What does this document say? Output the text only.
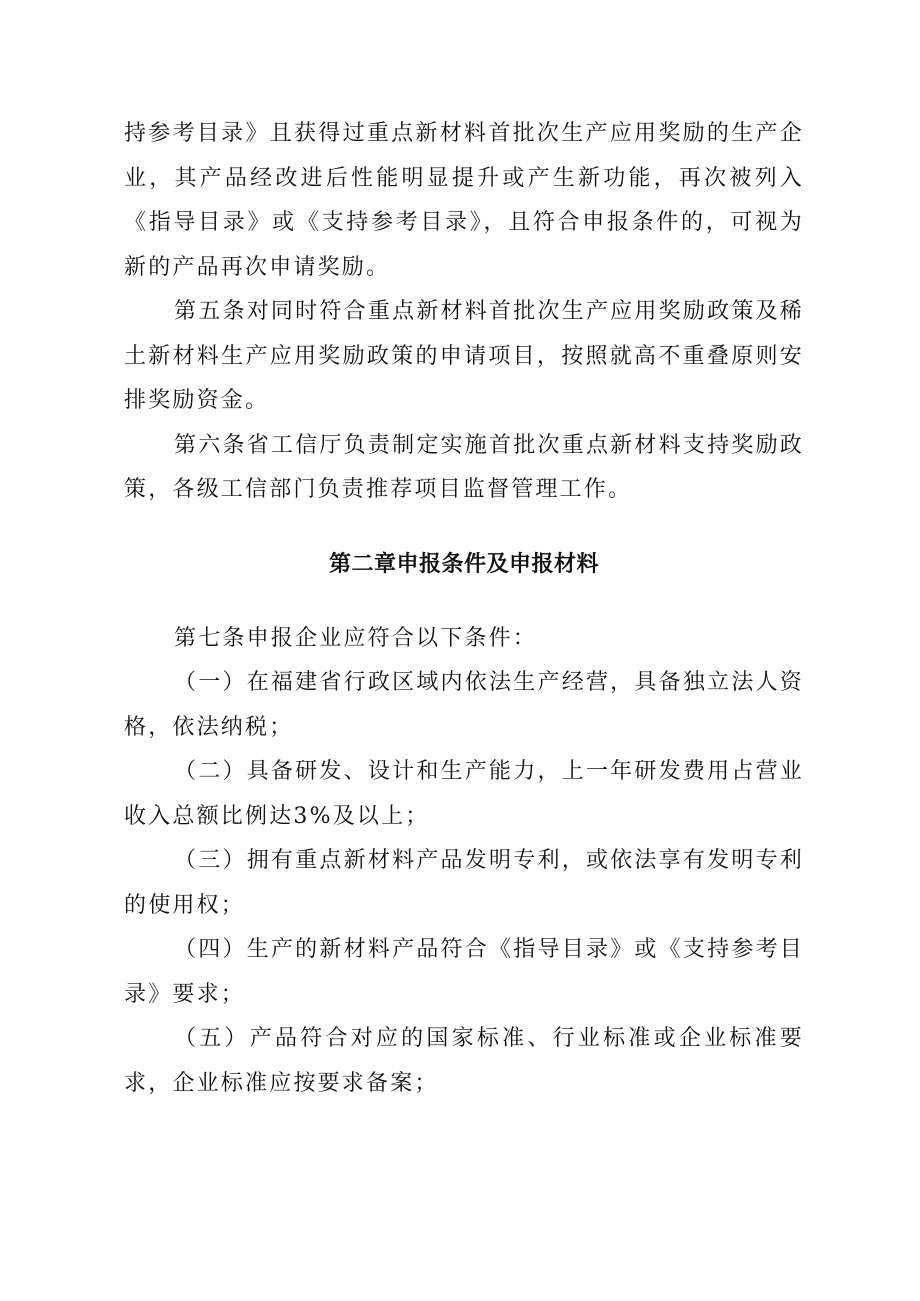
持参考目录》且获得过重点新材料首批次生产应用奖励的生产企业，其产品经改进后性能明显提升或产生新功能，再次被列入《指导目录》或《支持参考目录》，且符合申报条件的，可视为新的产品再次申请奖励。

第五条对同时符合重点新材料首批次生产应用奖励政策及稀土新材料生产应用奖励政策的申请项目，按照就高不重叠原则安排奖励资金。

第六条省工信厅负责制定实施首批次重点新材料支持奖励政策，各级工信部门负责推荐项目监督管理工作。

第二章申报条件及申报材料

第七条申报企业应符合以下条件：

（一）在福建省行政区域内依法生产经营，具备独立法人资格，依法纳税；

（二）具备研发、设计和生产能力，上一年研发费用占营业收入总额比例达3%及以上；

（三）拥有重点新材料产品发明专利，或依法享有发明专利的使用权；

（四）生产的新材料产品符合《指导目录》或《支持参考目录》要求；

（五）产品符合对应的国家标准、行业标准或企业标准要求，企业标准应按要求备案；
